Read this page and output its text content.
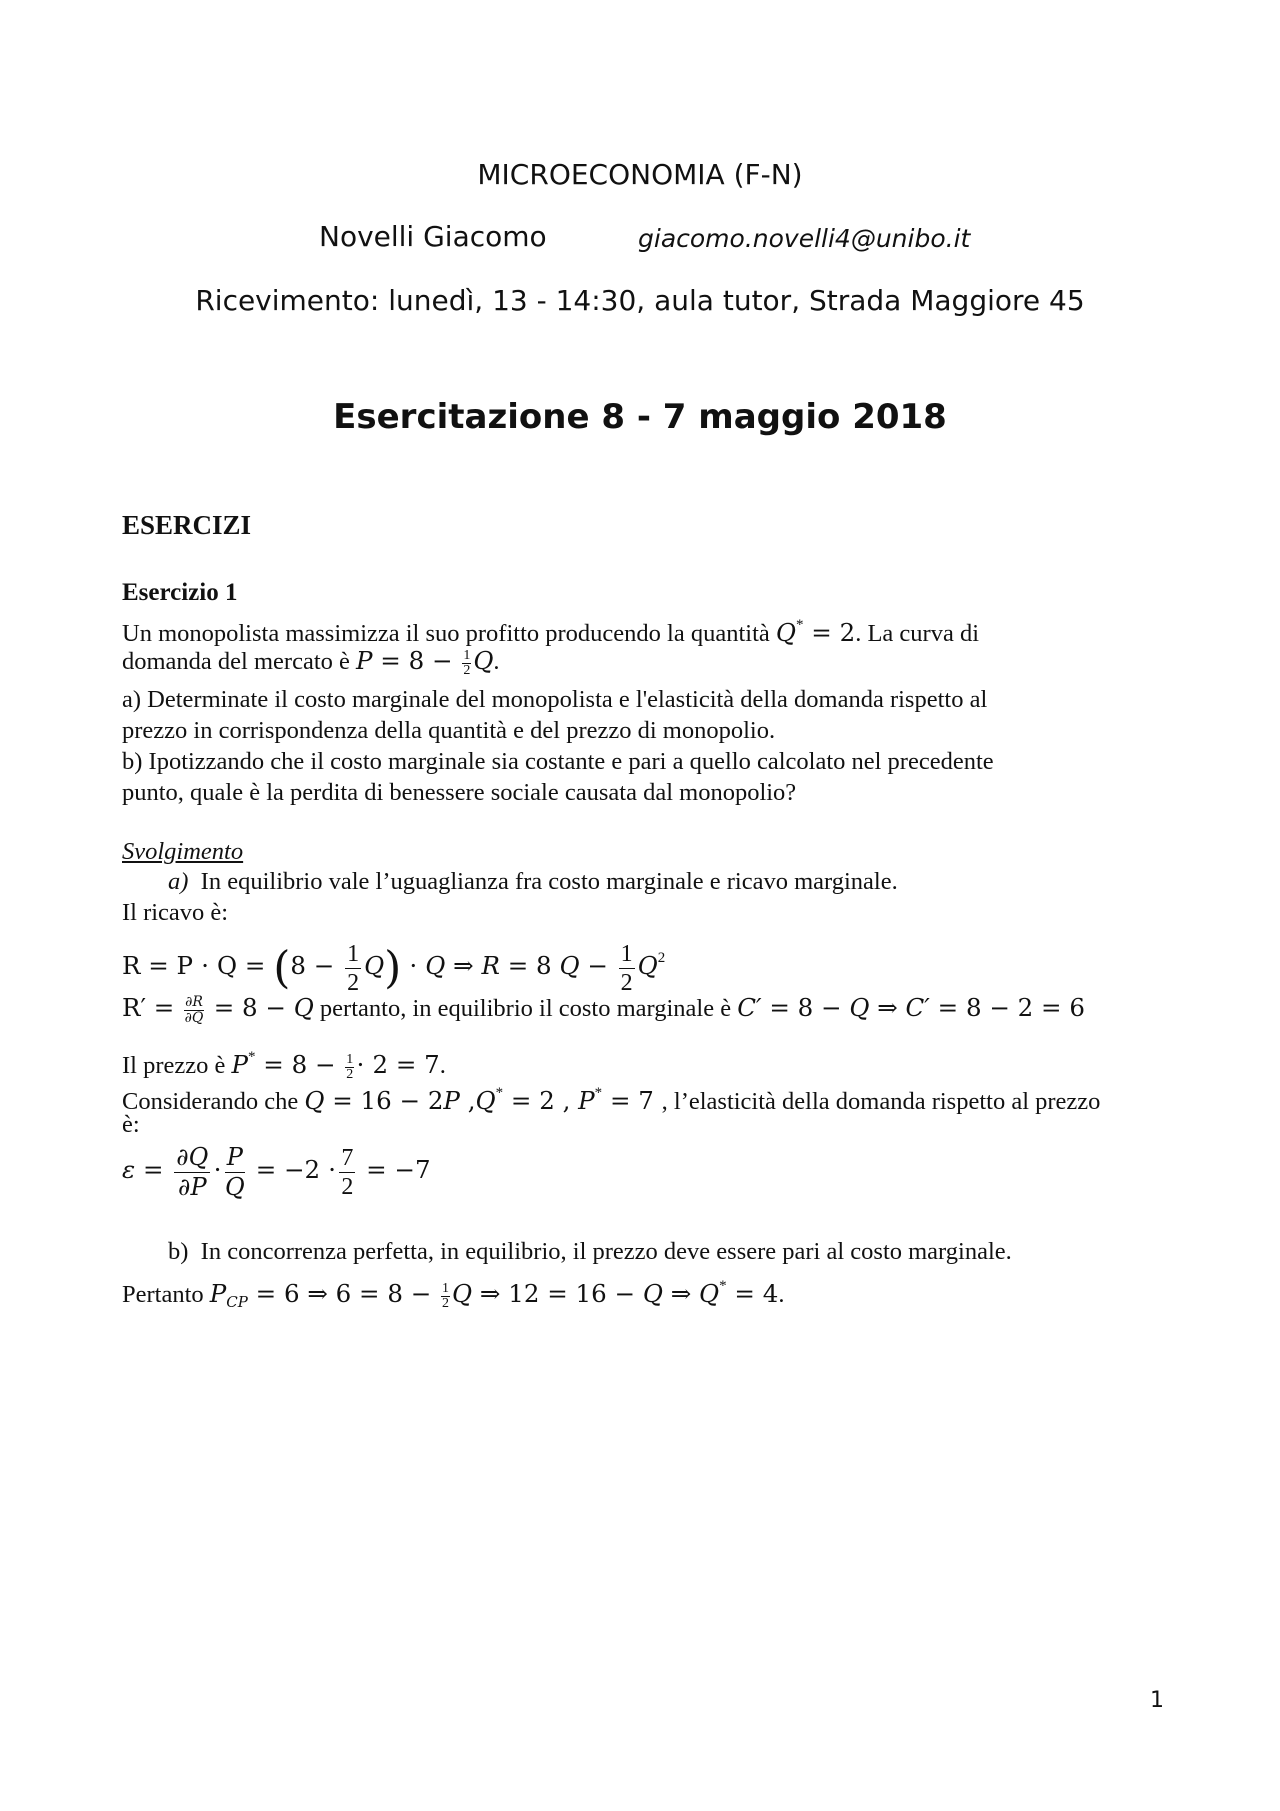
MICROECONOMIA (F-N)
Novelli Giacomo	giacomo.novelli4@unibo.it
Ricevimento: lunedì, 13 - 14:30, aula tutor, Strada Maggiore 45
Esercitazione 8 - 7 maggio 2018
ESERCIZI
Esercizio 1
Un monopolista massimizza il suo profitto producendo la quantità Q* = 2. La curva di
domanda del mercato è $P = 8 - \frac{1}{2} Q$.
a) Determinate il costo marginale del monopolista e l'elasticità della domanda rispetto al
prezzo in corrispondenza della quantità e del prezzo di monopolio.
b) Ipotizzando che il costo marginale sia costante e pari a quello calcolato nel precedente
punto, quale è la perdita di benessere sociale causata dal monopolio?
Svolgimento
a) In equilibrio vale l’uguaglianza fra costo marginale e ricavo marginale.
Il ricavo è:
$R = P \cdot Q = (8 - \frac{1}{2} Q) \cdot Q$ ⇒ R = 8 $Q - \frac{1}{2} Q^2$
$R' = \frac{\partial R}{\partial Q} = 8 - Q$ pertanto, in equilibrio il costo marginale è C′ = 8 − Q ⇒ C′ = 8 − 2 = 6
Il prezzo è $P^* = 8 - \frac{1}{2} \cdot 2 = 7$.
Considerando che Q = 16 − 2P ,Q* = 2 , P* = 7 , l’elasticità della domanda rispetto al prezzo
è:
$\varepsilon = \frac{\partial Q}{\partial P} \cdot \frac{P}{Q} = -2 \cdot \frac{7}{2} = -7$
b) In concorrenza perfetta, in equilibrio, il prezzo deve essere pari al costo marginale.
Pertanto $P_{CP} = 6$ ⇒ $6 = 8 - \frac{1}{2}$ Q ⇒ 12 = 16 − Q ⇒ Q* = 4.
1
